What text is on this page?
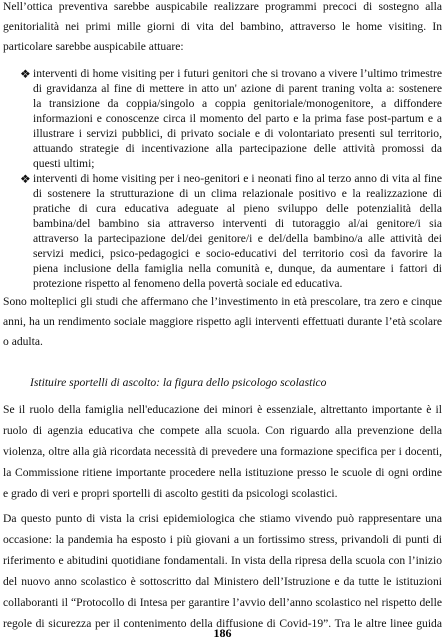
Nell’ottica preventiva sarebbe auspicabile realizzare programmi precoci di sostegno alla
genitorialità nei primi mille giorni di vita del bambino, attraverso le home visiting. In
particolare sarebbe auspicabile attuare:
❖ interventi di home visiting per i futuri genitori che si trovano a vivere l’ultimo trimestre
di gravidanza al fine di mettere in atto un' azione di parent traning volta a: sostenere
la transizione da coppia/singolo a coppia genitoriale/monogenitore, a diffondere
informazioni e conoscenze circa il momento del parto e la prima fase post-partum e a
illustrare i servizi pubblici, di privato sociale e di volontariato presenti sul territorio,
attuando strategie di incentivazione alla partecipazione delle attività promossi da
questi ultimi;
❖ interventi di home visiting per i neo-genitori e i neonati fino al terzo anno di vita al fine
di sostenere la strutturazione di un clima relazionale positivo e la realizzazione di
pratiche di cura educativa adeguate al pieno sviluppo delle potenzialità della
bambina/del bambino sia attraverso interventi di tutoraggio al/ai genitore/i sia
attraverso la partecipazione del/dei genitore/i e del/della bambino/a alle attività dei
servizi medici, psico-pedagogici e socio-educativi del territorio così da favorire la
piena inclusione della famiglia nella comunità e, dunque, da aumentare i fattori di
protezione rispetto al fenomeno della povertà sociale ed educativa.
Sono molteplici gli studi che affermano che l’investimento in età prescolare, tra zero e cinque
anni, ha un rendimento sociale maggiore rispetto agli interventi effettuati durante l’età scolare
o adulta.
Istituire sportelli di ascolto: la figura dello psicologo scolastico
Se il ruolo della famiglia nell'educazione dei minori è essenziale, altrettanto importante è il
ruolo di agenzia educativa che compete alla scuola. Con riguardo alla prevenzione della
violenza, oltre alla già ricordata necessità di prevedere una formazione specifica per i docenti,
la Commissione ritiene importante procedere nella istituzione presso le scuole di ogni ordine
e grado di veri e propri sportelli di ascolto gestiti da psicologi scolastici.
Da questo punto di vista la crisi epidemiologica che stiamo vivendo può rappresentare una
occasione: la pandemia ha esposto i più giovani a un fortissimo stress, privandoli di punti di
riferimento e abitudini quotidiane fondamentali. In vista della ripresa della scuola con l’inizio
del nuovo anno scolastico è sottoscritto dal Ministero dell’Istruzione e da tutte le istituzioni
collaboranti il “Protocollo di Intesa per garantire l’avvio dell’anno scolastico nel rispetto delle
regole di sicurezza per il contenimento della diffusione di Covid-19”. Tra le altre linee guida
186
